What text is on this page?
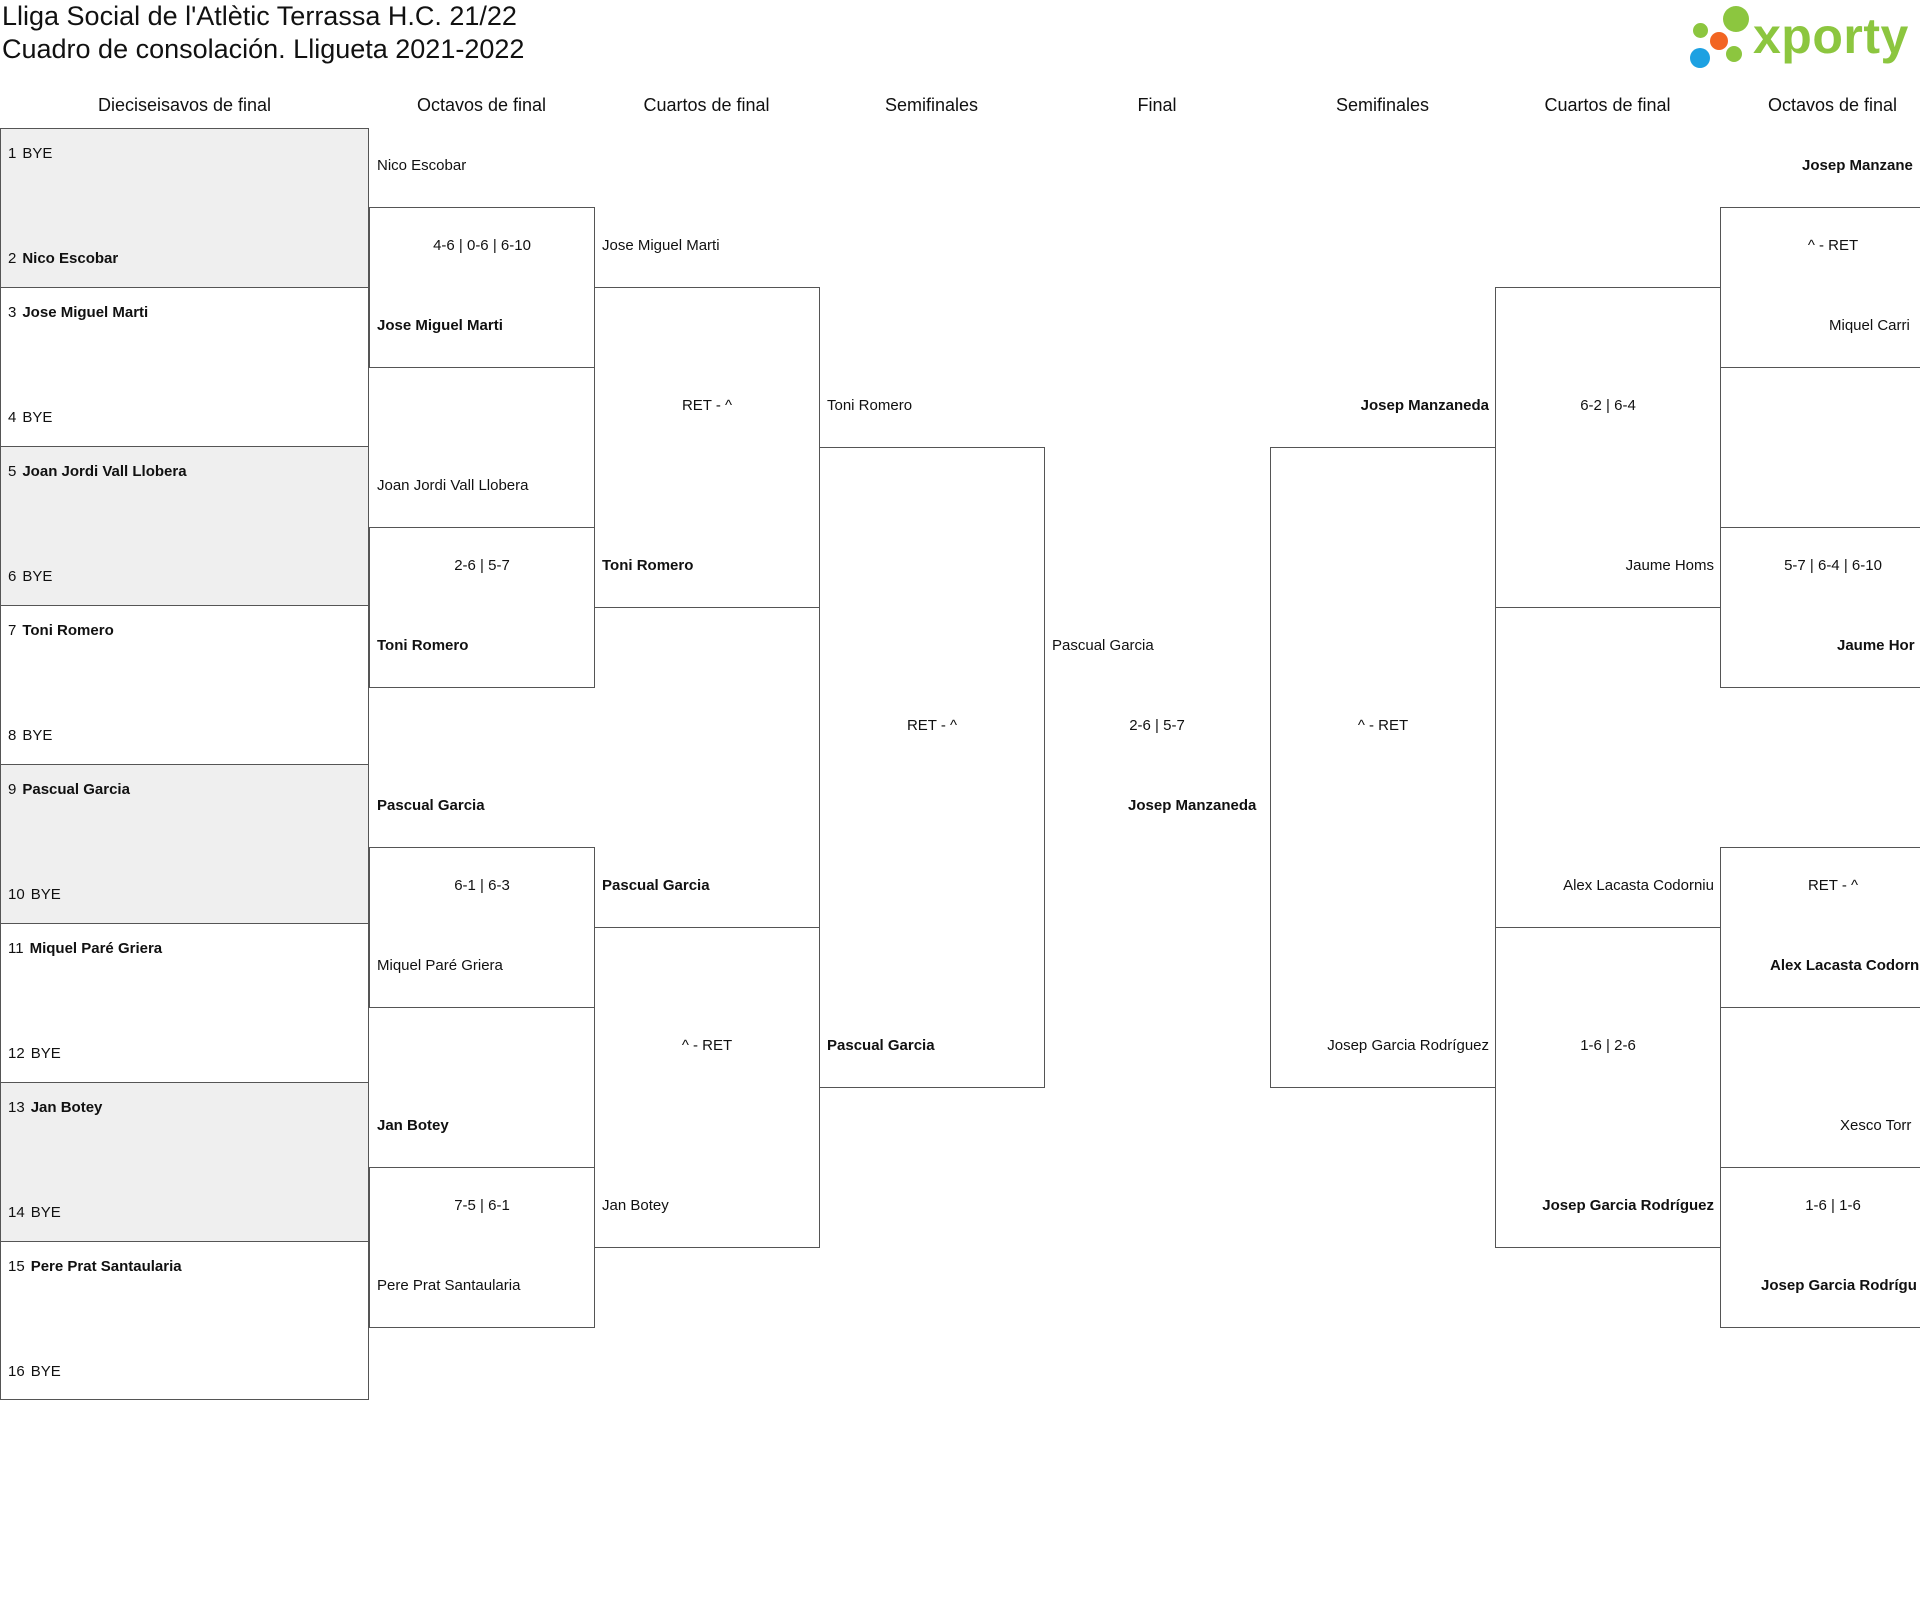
Lliga Social de l'Atlètic Terrassa H.C. 21/22
Cuadro de consolación. Lligueta 2021-2022	xporty
Dieciseisavos de final	Octavos de final	Cuartos de final	Semifinales	Final	Semifinales	Cuartos de final	Octavos de final
1 BYE
2 Nico Escobar
3 Jose Miguel Marti
4 BYE
5 Joan Jordi Vall Llobera
6 BYE
7 Toni Romero
8 BYE
9 Pascual Garcia
10 BYE
11 Miquel Paré Griera
12 BYE
13 Jan Botey
14 BYE
15 Pere Prat Santaularia
16 BYE
Nico Escobar
4-6 | 0-6 | 6-10
Jose Miguel Marti
Joan Jordi Vall Llobera
2-6 | 5-7
Toni Romero
Pascual Garcia
6-1 | 6-3
Miquel Paré Griera
Jan Botey
7-5 | 6-1
Pere Prat Santaularia
Jose Miguel Marti
RET - ^
Toni Romero
Pascual Garcia
^ - RET
Jan Botey
Toni Romero
RET - ^
Pascual Garcia
Pascual Garcia
2-6 | 5-7
Josep Manzaneda
Josep Manzaneda
^ - RET
Josep Garcia Rodríguez
6-2 | 6-4
Jaume Homs
Alex Lacasta Codorniu
1-6 | 2-6
Josep Garcia Rodríguez
Josep Manzane
^ - RET
Miquel Carri
5-7 | 6-4 | 6-10
Jaume Hor
RET - ^
Alex Lacasta Codorn
Xesco Torr
1-6 | 1-6
Josep Garcia Rodrígu
